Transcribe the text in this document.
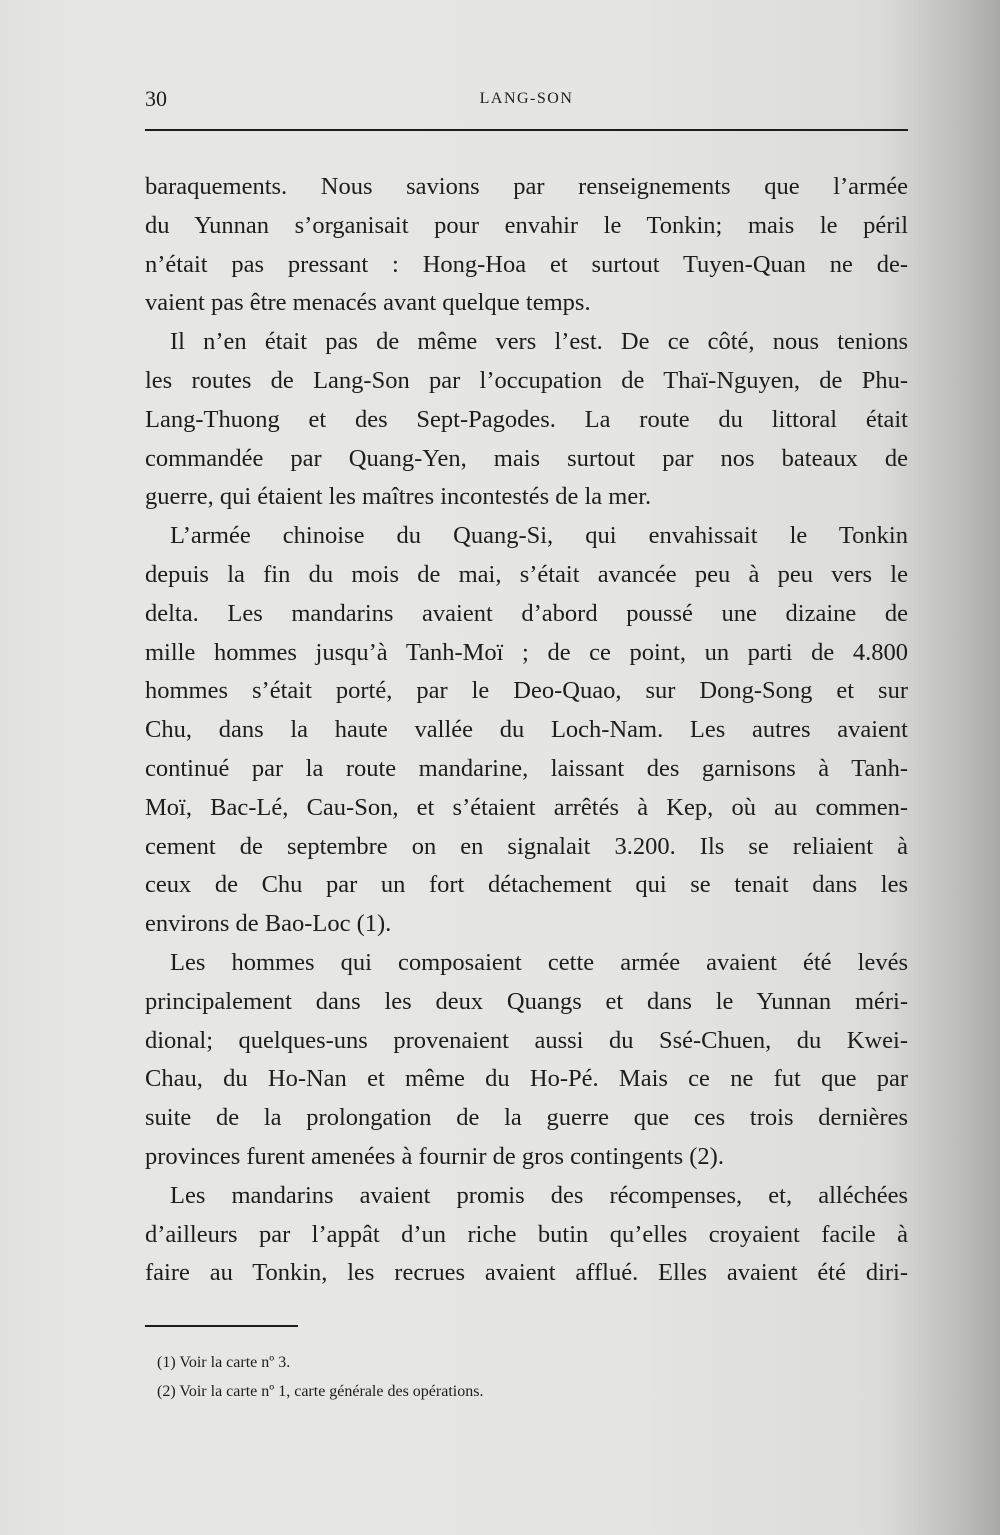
30	LANG-SON
baraquements. Nous savions par renseignements que l’armée
du Yunnan s’organisait pour envahir le Tonkin; mais le péril
n’était pas pressant : Hong-Hoa et surtout Tuyen-Quan ne de-
vaient pas être menacés avant quelque temps.
Il n’en était pas de même vers l’est. De ce côté, nous tenions
les routes de Lang-Son par l’occupation de Thaï-Nguyen, de Phu-
Lang-Thuong et des Sept-Pagodes. La route du littoral était
commandée par Quang-Yen, mais surtout par nos bateaux de
guerre, qui étaient les maîtres incontestés de la mer.
L’armée chinoise du Quang-Si, qui envahissait le Tonkin
depuis la fin du mois de mai, s’était avancée peu à peu vers le
delta. Les mandarins avaient d’abord poussé une dizaine de
mille hommes jusqu’à Tanh-Moï ; de ce point, un parti de 4.800
hommes s’était porté, par le Deo-Quao, sur Dong-Song et sur
Chu, dans la haute vallée du Loch-Nam. Les autres avaient
continué par la route mandarine, laissant des garnisons à Tanh-
Moï, Bac-Lé, Cau-Son, et s’étaient arrêtés à Kep, où au commen-
cement de septembre on en signalait 3.200. Ils se reliaient à
ceux de Chu par un fort détachement qui se tenait dans les
environs de Bao-Loc (1).
Les hommes qui composaient cette armée avaient été levés
principalement dans les deux Quangs et dans le Yunnan méri-
dional; quelques-uns provenaient aussi du Ssé-Chuen, du Kwei-
Chau, du Ho-Nan et même du Ho-Pé. Mais ce ne fut que par
suite de la prolongation de la guerre que ces trois dernières
provinces furent amenées à fournir de gros contingents (2).
Les mandarins avaient promis des récompenses, et, alléchées
d’ailleurs par l’appât d’un riche butin qu’elles croyaient facile à
faire au Tonkin, les recrues avaient afflué. Elles avaient été diri-
(1) Voir la carte nº 3.
(2) Voir la carte nº 1, carte générale des opérations.
